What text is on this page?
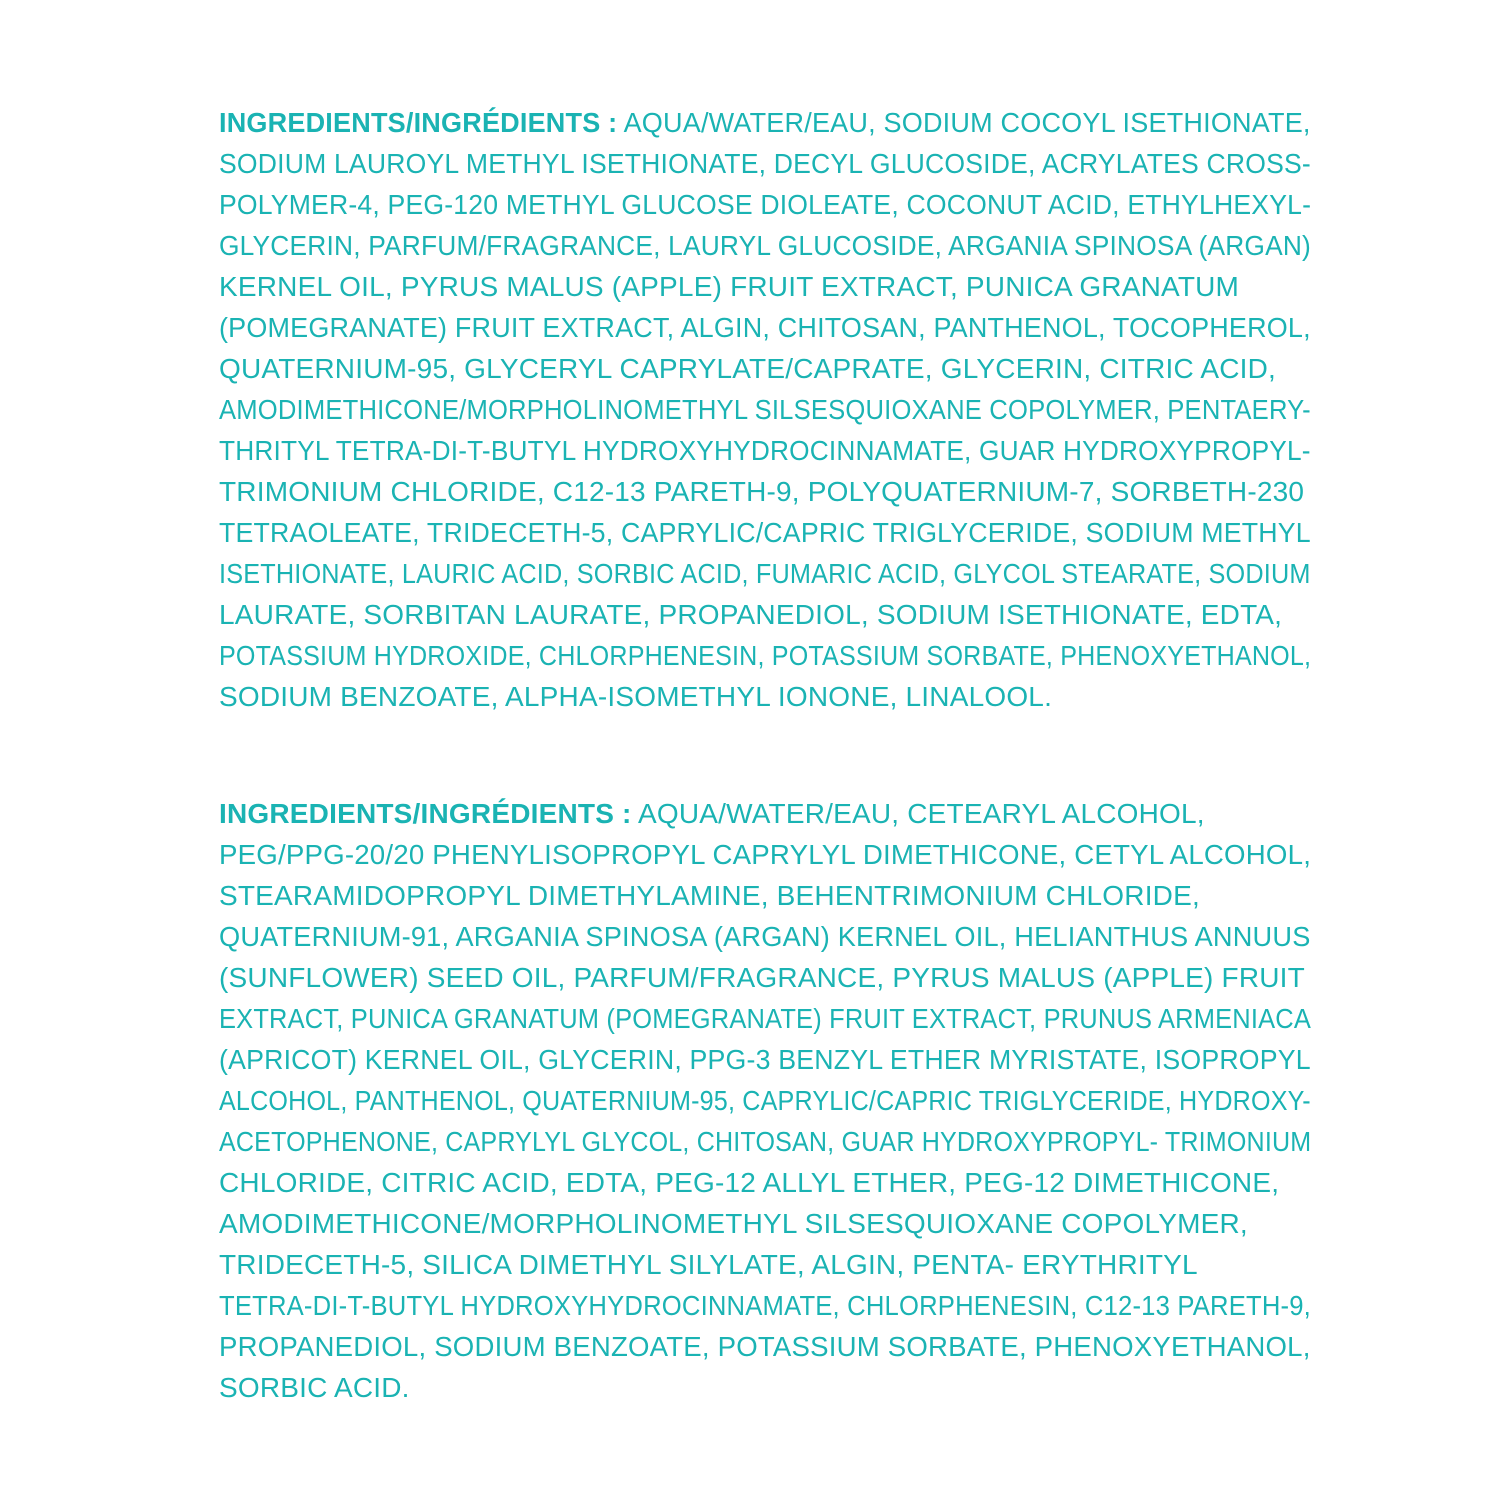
INGREDIENTS/INGRÉDIENTS : AQUA/WATER/EAU, SODIUM COCOYL ISETHIONATE,
SODIUM LAUROYL METHYL ISETHIONATE, DECYL GLUCOSIDE, ACRYLATES CROSS-
POLYMER-4, PEG-120 METHYL GLUCOSE DIOLEATE, COCONUT ACID, ETHYLHEXYL-
GLYCERIN, PARFUM/FRAGRANCE, LAURYL GLUCOSIDE, ARGANIA SPINOSA (ARGAN)
KERNEL OIL, PYRUS MALUS (APPLE) FRUIT EXTRACT, PUNICA GRANATUM
(POMEGRANATE) FRUIT EXTRACT, ALGIN, CHITOSAN, PANTHENOL, TOCOPHEROL,
QUATERNIUM-95, GLYCERYL CAPRYLATE/CAPRATE, GLYCERIN, CITRIC ACID,
AMODIMETHICONE/MORPHOLINOMETHYL SILSESQUIOXANE COPOLYMER, PENTAERY-
THRITYL TETRA-DI-T-BUTYL HYDROXYHYDROCINNAMATE, GUAR HYDROXYPROPYL-
TRIMONIUM CHLORIDE, C12-13 PARETH-9, POLYQUATERNIUM-7, SORBETH-230
TETRAOLEATE, TRIDECETH-5, CAPRYLIC/CAPRIC TRIGLYCERIDE, SODIUM METHYL
ISETHIONATE, LAURIC ACID, SORBIC ACID, FUMARIC ACID, GLYCOL STEARATE, SODIUM
LAURATE, SORBITAN LAURATE, PROPANEDIOL, SODIUM ISETHIONATE, EDTA,
POTASSIUM HYDROXIDE, CHLORPHENESIN, POTASSIUM SORBATE, PHENOXYETHANOL,
SODIUM BENZOATE, ALPHA-ISOMETHYL IONONE, LINALOOL.
INGREDIENTS/INGRÉDIENTS : AQUA/WATER/EAU, CETEARYL ALCOHOL,
PEG/PPG-20/20 PHENYLISOPROPYL CAPRYLYL DIMETHICONE, CETYL ALCOHOL,
STEARAMIDOPROPYL DIMETHYLAMINE, BEHENTRIMONIUM CHLORIDE,
QUATERNIUM-91, ARGANIA SPINOSA (ARGAN) KERNEL OIL, HELIANTHUS ANNUUS
(SUNFLOWER) SEED OIL, PARFUM/FRAGRANCE, PYRUS MALUS (APPLE) FRUIT
EXTRACT, PUNICA GRANATUM (POMEGRANATE) FRUIT EXTRACT, PRUNUS ARMENIACA
(APRICOT) KERNEL OIL, GLYCERIN, PPG-3 BENZYL ETHER MYRISTATE, ISOPROPYL
ALCOHOL, PANTHENOL, QUATERNIUM-95, CAPRYLIC/CAPRIC TRIGLYCERIDE, HYDROXY-
ACETOPHENONE, CAPRYLYL GLYCOL, CHITOSAN, GUAR HYDROXYPROPYL- TRIMONIUM
CHLORIDE, CITRIC ACID, EDTA, PEG-12 ALLYL ETHER, PEG-12 DIMETHICONE,
AMODIMETHICONE/MORPHOLINOMETHYL SILSESQUIOXANE COPOLYMER,
TRIDECETH-5, SILICA DIMETHYL SILYLATE, ALGIN, PENTA- ERYTHRITYL
TETRA-DI-T-BUTYL HYDROXYHYDROCINNAMATE, CHLORPHENESIN, C12-13 PARETH-9,
PROPANEDIOL, SODIUM BENZOATE, POTASSIUM SORBATE, PHENOXYETHANOL,
SORBIC ACID.
